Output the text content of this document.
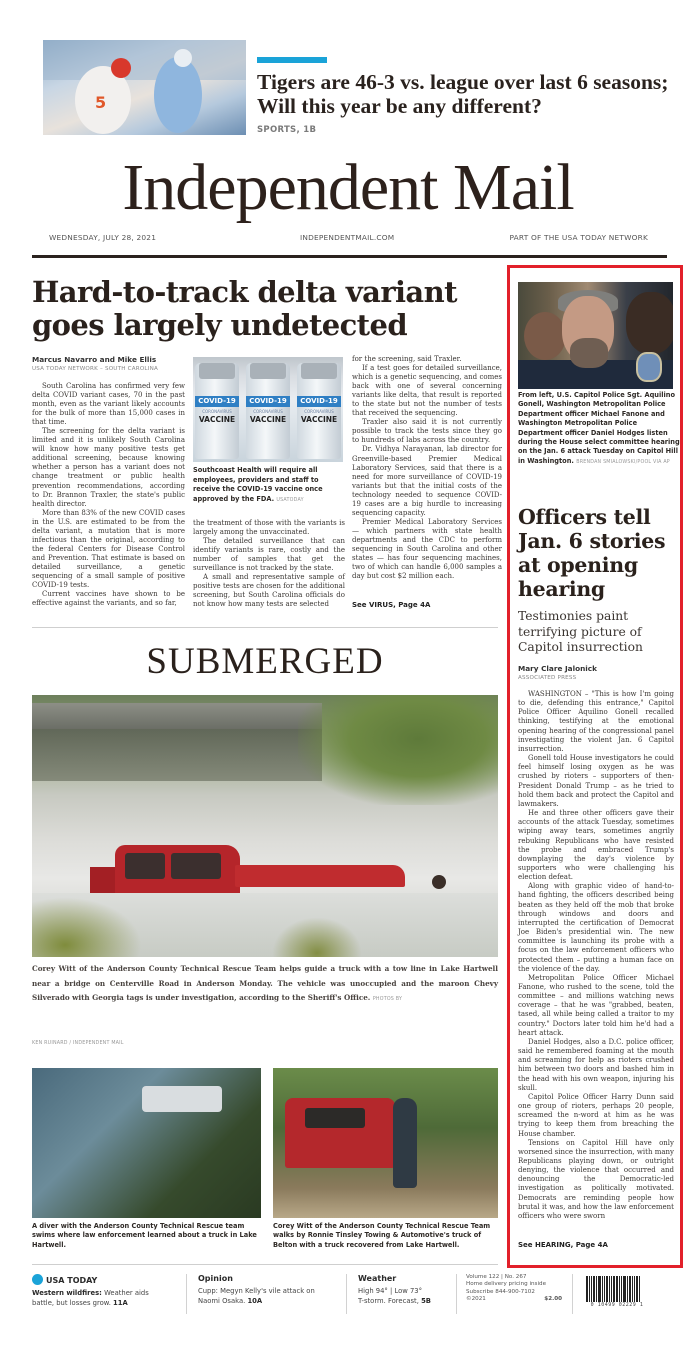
5
Tigers are 46-3 vs. league over last 6 seasons; Will this year be any different?
SPORTS, 1B
Independent Mail
WEDNESDAY, JULY 28, 2021	INDEPENDENTMAIL.COM	PART OF THE USA TODAY NETWORK
Hard-to-track delta variant goes largely undetected
Marcus Navarro and Mike Ellis
USA TODAY NETWORK – SOUTH CAROLINA

South Carolina has confirmed very few delta COVID variant cases, 70 in the past month, even as the variant likely accounts for the bulk of more than 15,000 cases in that time.

The screening for the delta variant is limited and it is unlikely South Carolina will know how many positive tests get additional screening, because knowing whether a person has a variant does not change treatment or public health prevention recommendations, according to Dr. Brannon Traxler, the state's public health director.

More than 83% of the new COVID cases in the U.S. are estimated to be from the delta variant, a mutation that is more infectious than the original, according to the federal Centers for Disease Control and Prevention. That estimate is based on detailed surveillance, a genetic sequencing of a small sample of positive COVID-19 tests.

Current vaccines have shown to be effective against the variants, and so far,

COVID-19
CORONAVIRUS
VACCINE
COVID-19
CORONAVIRUS
VACCINE
COVID-19
CORONAVIRUS
VACCINE
Southcoast Health will require all employees, providers and staff to receive the COVID-19 vaccine once approved by the FDA. USATODAY

the treatment of those with the variants is largely among the unvaccinated.

The detailed surveillance that can identify variants is rare, costly and the number of samples that get the surveillance is not tracked by the state.

A small and representative sample of positive tests are chosen for the additional screening, but South Carolina officials do not know how many tests are selected

for the screening, said Traxler.

If a test goes for detailed surveillance, which is a genetic sequencing, and comes back with one of several concerning variants like delta, that result is reported to the state but not the number of tests that received the sequencing.

Traxler also said it is not currently possible to track the tests since they go to hundreds of labs across the country.

Dr. Vidhya Narayanan, lab director for Greenville-based Premier Medical Laboratory Services, said that there is a need for more surveillance of COVID-19 variants but that the initial costs of the technology needed to sequence COVID-19 cases are a big hurdle to increasing sequencing capacity.

Premier Medical Laboratory Services — which partners with state health departments and the CDC to perform sequencing in South Carolina and other states — has four sequencing machines, two of which can handle 6,000 samples a day but cost $2 million each.

See VIRUS, Page 4A
SUBMERGED
Corey Witt of the Anderson County Technical Rescue Team helps guide a truck with a tow line in Lake Hartwell near a bridge on Centerville Road in Anderson Monday. The vehicle was unoccupied and the maroon Chevy Silverado with Georgia tags is under investigation, according to the Sheriff's Office. PHOTOS BY
KEN RUINARD / INDEPENDENT MAIL
A diver with the Anderson County Technical Rescue team swims where law enforcement learned about a truck in Lake Hartwell.
Corey Witt of the Anderson County Technical Rescue Team walks by Ronnie Tinsley Towing & Automotive's truck of Belton with a truck recovered from Lake Hartwell.
From left, U.S. Capitol Police Sgt. Aquilino Gonell, Washington Metropolitan Police Department officer Michael Fanone and Washington Metropolitan Police Department officer Daniel Hodges listen during the House select committee hearing on the Jan. 6 attack Tuesday on Capitol Hill in Washington. BRENDAN SMIALOWSKI/POOL VIA AP
Officers tell Jan. 6 stories at opening hearing
Testimonies paint terrifying picture of Capitol insurrection
Mary Clare Jalonick
ASSOCIATED PRESS

WASHINGTON – "This is how I'm going to die, defending this entrance," Capitol Police Officer Aquilino Gonell recalled thinking, testifying at the emotional opening hearing of the congressional panel investigating the violent Jan. 6 Capitol insurrection.

Gonell told House investigators he could feel himself losing oxygen as he was crushed by rioters – supporters of then-President Donald Trump – as he tried to hold them back and protect the Capitol and lawmakers.

He and three other officers gave their accounts of the attack Tuesday, sometimes wiping away tears, sometimes angrily rebuking Republicans who have resisted the probe and embraced Trump's downplaying the day's violence by supporters who were challenging his election defeat.

Along with graphic video of hand-to-hand fighting, the officers described being beaten as they held off the mob that broke through windows and doors and interrupted the certification of Democrat Joe Biden's presidential win. The new committee is launching its probe with a focus on the law enforcement officers who protected them – putting a human face on the violence of the day.

Metropolitan Police Officer Michael Fanone, who rushed to the scene, told the committee – and millions watching news coverage – that he was "grabbed, beaten, tased, all while being called a traitor to my country." Doctors later told him he'd had a heart attack.

Daniel Hodges, also a D.C. police officer, said he remembered foaming at the mouth and screaming for help as rioters crushed him between two doors and bashed him in the head with his own weapon, injuring his skull.

Capitol Police Officer Harry Dunn said one group of rioters, perhaps 20 people, screamed the n-word at him as he was trying to keep them from breaching the House chamber.

Tensions on Capitol Hill have only worsened since the insurrection, with many Republicans playing down, or outright denying, the violence that occurred and denouncing the Democratic-led investigation as politically motivated. Democrats are reminding people how brutal it was, and how the law enforcement officers who were sworn

See HEARING, Page 4A
USA TODAY
Western wildfires: Weather aids battle, but losses grow. 11A
Opinion
Cupp: Megyn Kelly's vile attack on Naomi Osaka. 10A
Weather
High 94° | Low 73°
T-storm. Forecast, 5B
Volume 122 | No. 267
Home delivery pricing inside
Subscribe 844-900-7102
©2021	$2.00
0 10499 02229 1
